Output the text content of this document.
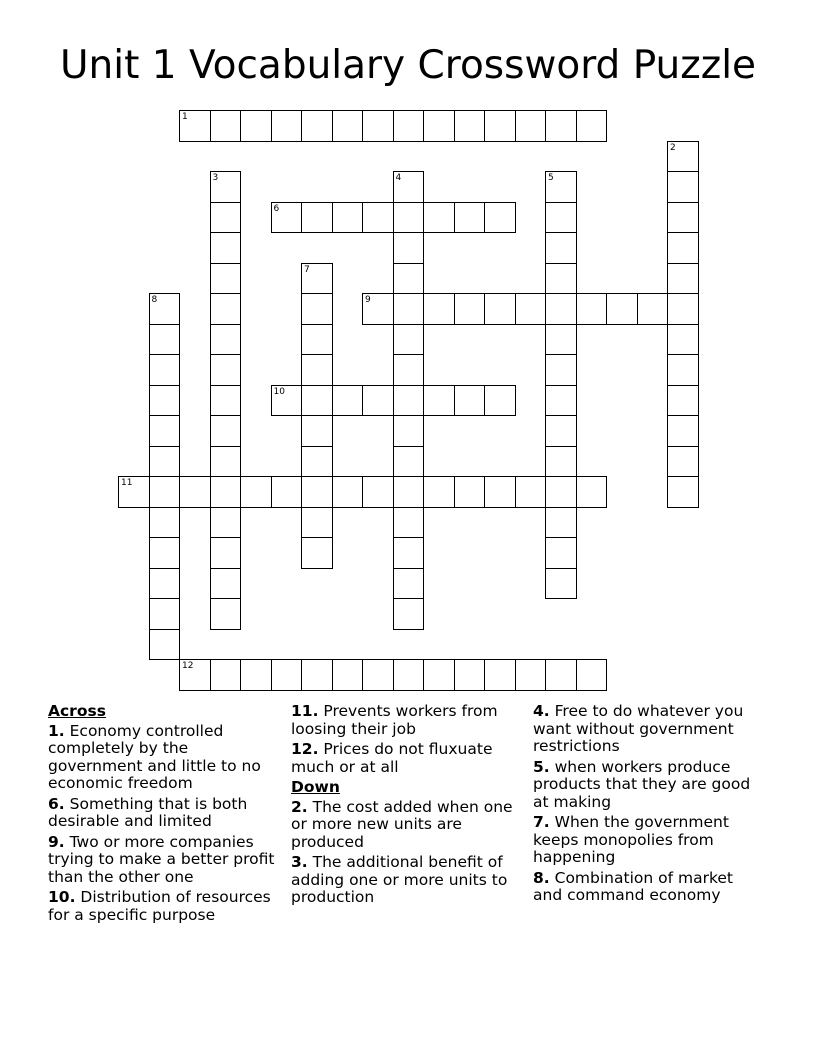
Unit 1 Vocabulary Crossword Puzzle
1
2
3	4	5
6
7
8	9
10
11
12
Across
1. Economy controlled completely by the government and little to no economic freedom
6. Something that is both desirable and limited
9. Two or more companies trying to make a better profit than the other one
10. Distribution of resources for a specific purpose
11. Prevents workers from loosing their job
12. Prices do not fluxuate much or at all
Down
2. The cost added when one or more new units are produced
3. The additional benefit of adding one or more units to production
4. Free to do whatever you want without government restrictions
5. when workers produce products that they are good at making
7. When the government keeps monopolies from happening
8. Combination of market and command economy
